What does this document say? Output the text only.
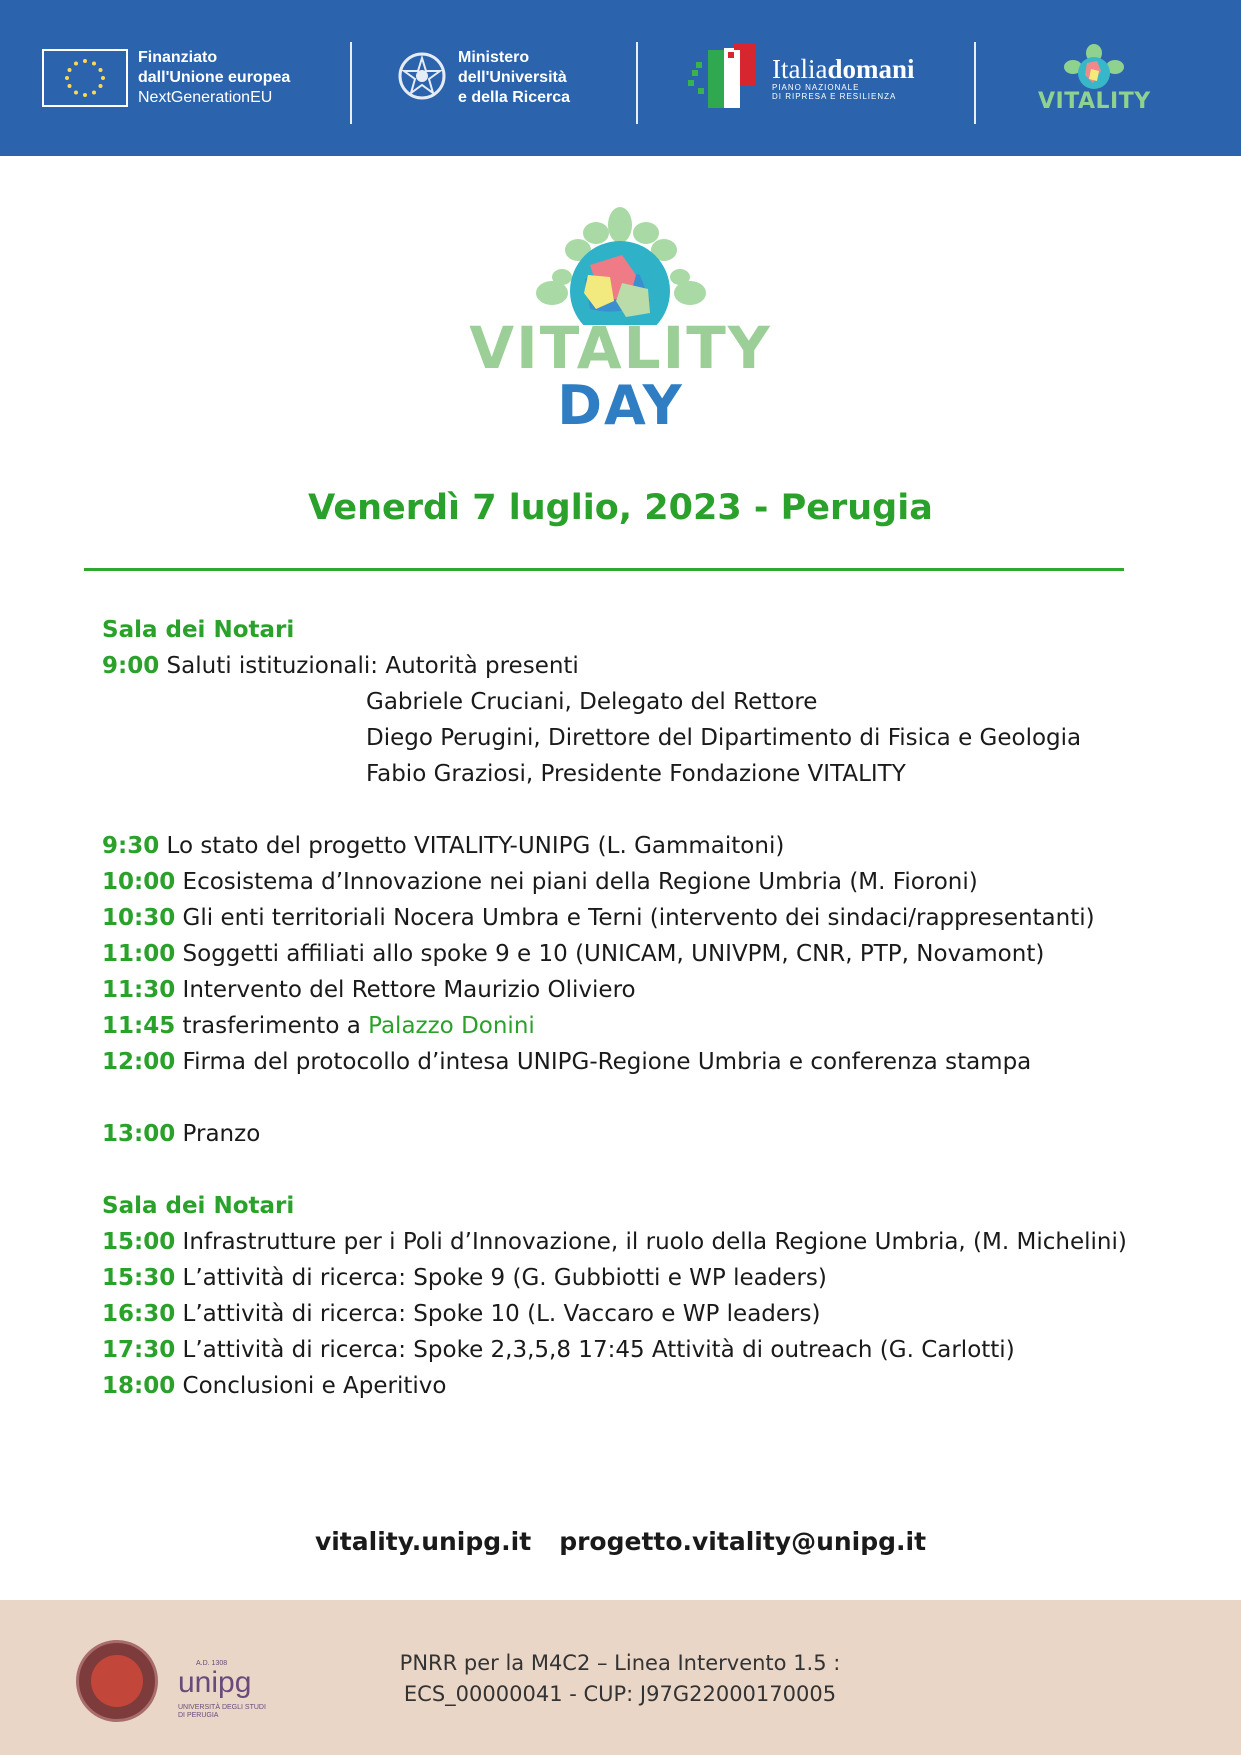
Finanziato
dall'Unione europea
NextGenerationEU
Ministero
dell'Università
e della Ricerca
Italiadomani
PIANO NAZIONALE
DI RIPRESA E RESILIENZA	VITALITY
VITALITY
DAY
Venerdì 7 luglio, 2023 - Perugia
Sala dei Notari
9:00 Saluti istituzionali: Autorità presenti
Gabriele Cruciani, Delegato del Rettore
Diego Perugini, Direttore del Dipartimento di Fisica e Geologia
Fabio Graziosi, Presidente Fondazione VITALITY
9:30 Lo stato del progetto VITALITY-UNIPG (L. Gammaitoni)
10:00 Ecosistema d’Innovazione nei piani della Regione Umbria (M. Fioroni)
10:30 Gli enti territoriali Nocera Umbra e Terni (intervento dei sindaci/rappresentanti)
11:00 Soggetti affiliati allo spoke 9 e 10 (UNICAM, UNIVPM, CNR, PTP, Novamont)
11:30 Intervento del Rettore Maurizio Oliviero
11:45 trasferimento a Palazzo Donini
12:00 Firma del protocollo d’intesa UNIPG-Regione Umbria e conferenza stampa
13:00 Pranzo
Sala dei Notari
15:00 Infrastrutture per i Poli d’Innovazione, il ruolo della Regione Umbria, (M. Michelini)
15:30 L’attività di ricerca: Spoke 9 (G. Gubbiotti e WP leaders)
16:30 L’attività di ricerca: Spoke 10 (L. Vaccaro e WP leaders)
17:30 L’attività di ricerca: Spoke 2,3,5,8 17:45 Attività di outreach (G. Carlotti)
18:00 Conclusioni e Aperitivo
vitality.unipg.it progetto.vitality@unipg.it
A.D. 1308
unipg
UNIVERSITÀ DEGLI STUDI
DI PERUGIA
PNRR per la M4C2 – Linea Intervento 1.5 :
ECS_00000041 - CUP: J97G22000170005
